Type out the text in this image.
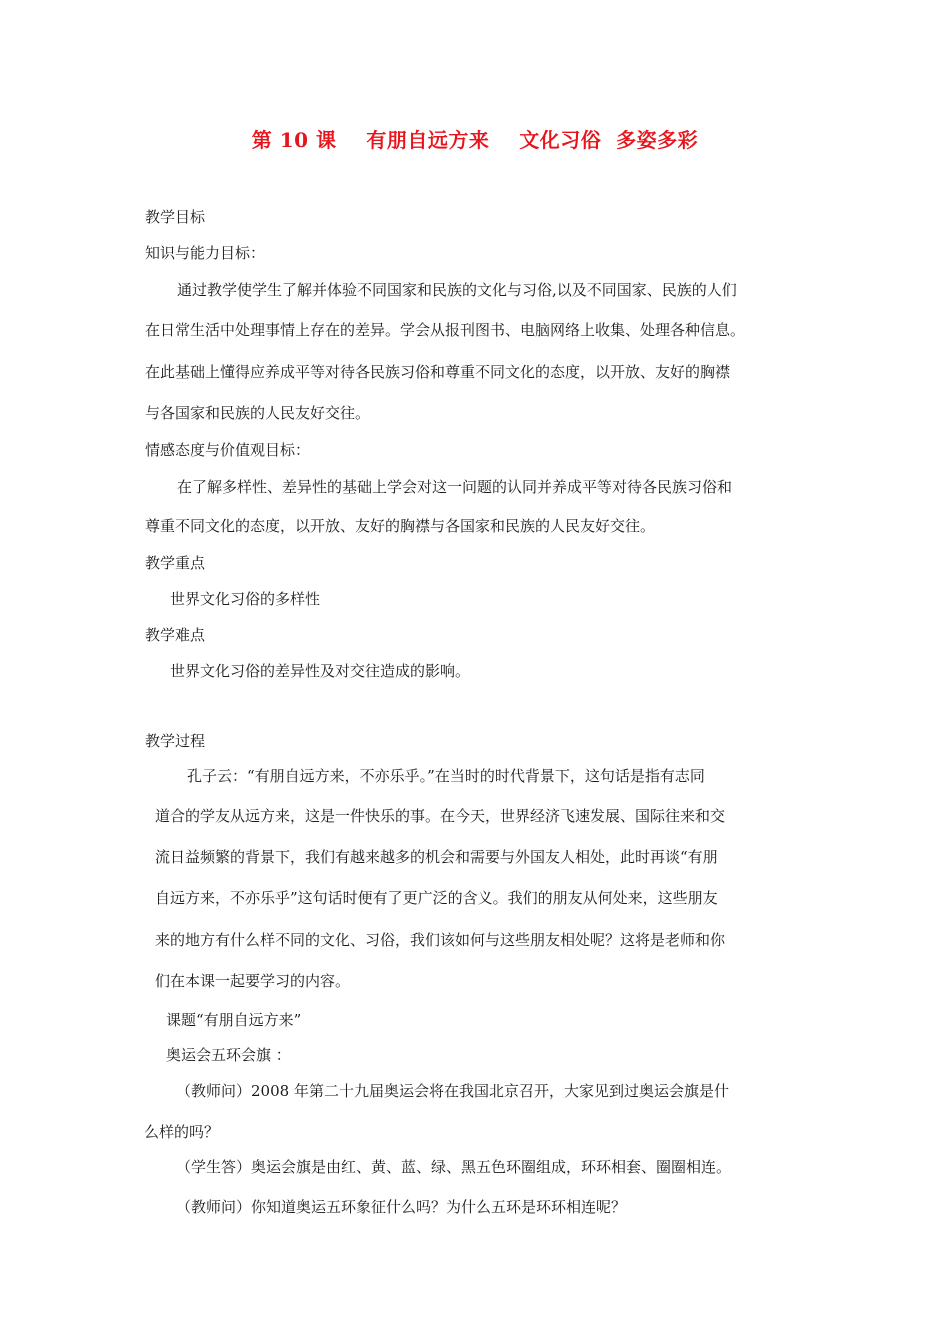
第 10 课    有朋自远方来    文化习俗  多姿多彩
教学目标
知识与能力目标：
通过教学使学生了解并体验不同国家和民族的文化与习俗,以及不同国家、民族的人们
在日常生活中处理事情上存在的差异。学会从报刊图书、电脑网络上收集、处理各种信息。
在此基础上懂得应养成平等对待各民族习俗和尊重不同文化的态度，以开放、友好的胸襟
与各国家和民族的人民友好交往。
情感态度与价值观目标：
在了解多样性、差异性的基础上学会对这一问题的认同并养成平等对待各民族习俗和
尊重不同文化的态度，以开放、友好的胸襟与各国家和民族的人民友好交往。
教学重点
世界文化习俗的多样性
教学难点
世界文化习俗的差异性及对交往造成的影响。
教学过程
孔子云：“有朋自远方来，不亦乐乎。”在当时的时代背景下，这句话是指有志同
道合的学友从远方来，这是一件快乐的事。在今天，世界经济飞速发展、国际往来和交
流日益频繁的背景下，我们有越来越多的机会和需要与外国友人相处，此时再谈“有朋
自远方来，不亦乐乎”这句话时便有了更广泛的含义。我们的朋友从何处来，这些朋友
来的地方有什么样不同的文化、习俗，我们该如何与这些朋友相处呢？这将是老师和你
们在本课一起要学习的内容。
课题“有朋自远方来”
奥运会五环会旗 ：
（教师问）2008 年第二十九届奥运会将在我国北京召开，大家见到过奥运会旗是什
么样的吗？
（学生答）奥运会旗是由红、黄、蓝、绿、黑五色环圈组成，环环相套、圈圈相连。
（教师问）你知道奥运五环象征什么吗？为什么五环是环环相连呢？
